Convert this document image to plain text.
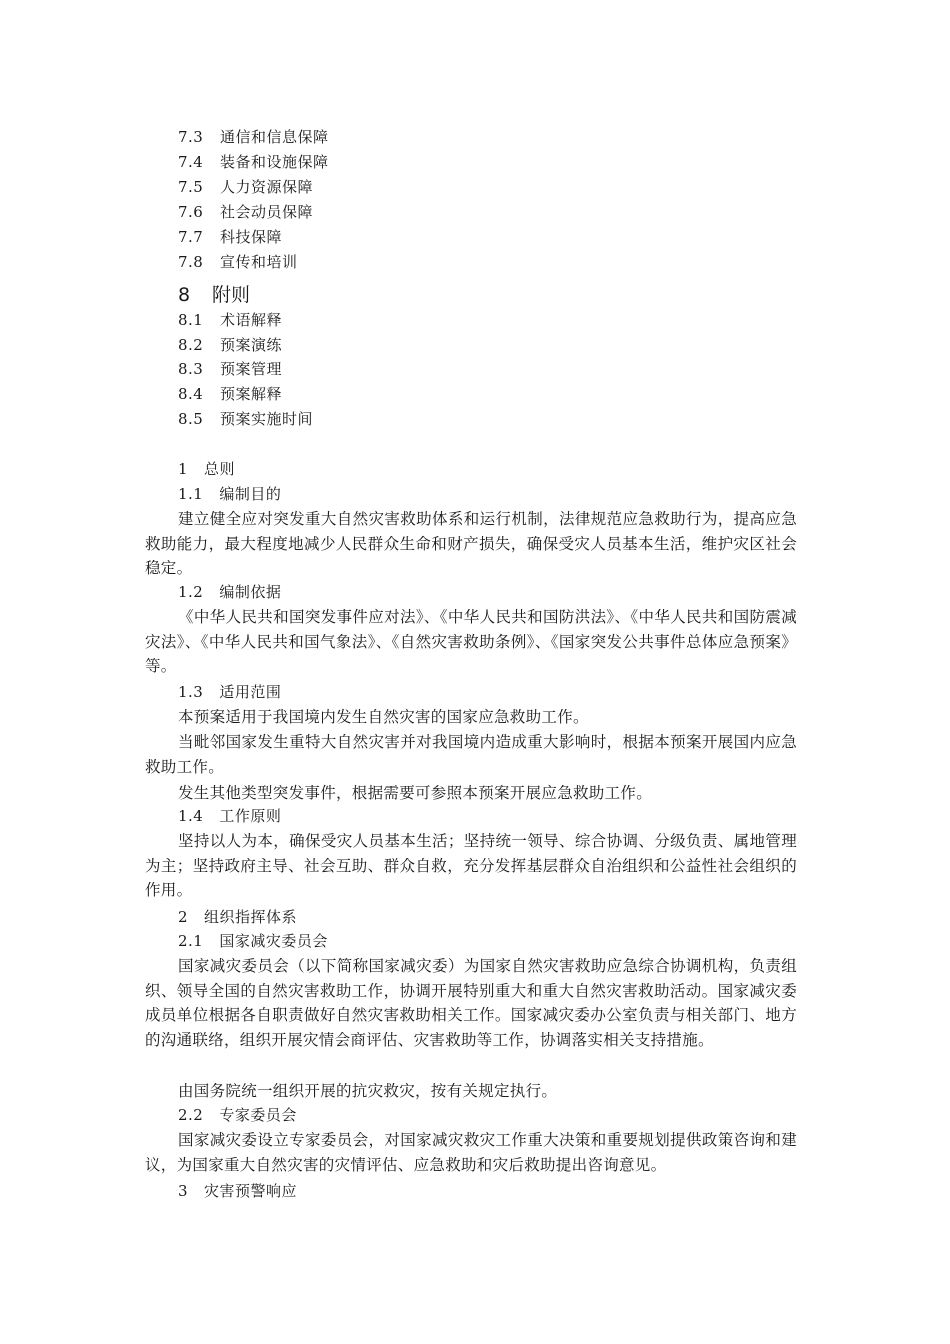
7.3 通信和信息保障
7.4 装备和设施保障
7.5 人力资源保障
7.6 社会动员保障
7.7 科技保障
7.8 宣传和培训
8 附则
8.1 术语解释
8.2 预案演练
8.3 预案管理
8.4 预案解释
8.5 预案实施时间
1 总则
1.1 编制目的

建立健全应对突发重大自然灾害救助体系和运行机制，法律规范应急救助行为，提高应急救助能力，最大程度地减少人民群众生命和财产损失，确保受灾人员基本生活，维护灾区社会稳定。

1.2 编制依据

《中华人民共和国突发事件应对法》、《中华人民共和国防洪法》、《中华人民共和国防震减灾法》、《中华人民共和国气象法》、《自然灾害救助条例》、《国家突发公共事件总体应急预案》等。

1.3 适用范围

本预案适用于我国境内发生自然灾害的国家应急救助工作。

当毗邻国家发生重特大自然灾害并对我国境内造成重大影响时，根据本预案开展国内应急救助工作。

发生其他类型突发事件，根据需要可参照本预案开展应急救助工作。

1.4 工作原则

坚持以人为本，确保受灾人员基本生活；坚持统一领导、综合协调、分级负责、属地管理为主；坚持政府主导、社会互助、群众自救，充分发挥基层群众自治组织和公益性社会组织的作用。

2 组织指挥体系
2.1 国家减灾委员会

国家减灾委员会（以下简称国家减灾委）为国家自然灾害救助应急综合协调机构，负责组织、领导全国的自然灾害救助工作，协调开展特别重大和重大自然灾害救助活动。国家减灾委成员单位根据各自职责做好自然灾害救助相关工作。国家减灾委办公室负责与相关部门、地方的沟通联络，组织开展灾情会商评估、灾害救助等工作，协调落实相关支持措施。

由国务院统一组织开展的抗灾救灾，按有关规定执行。

2.2 专家委员会

国家减灾委设立专家委员会，对国家减灾救灾工作重大决策和重要规划提供政策咨询和建议，为国家重大自然灾害的灾情评估、应急救助和灾后救助提出咨询意见。

3 灾害预警响应
